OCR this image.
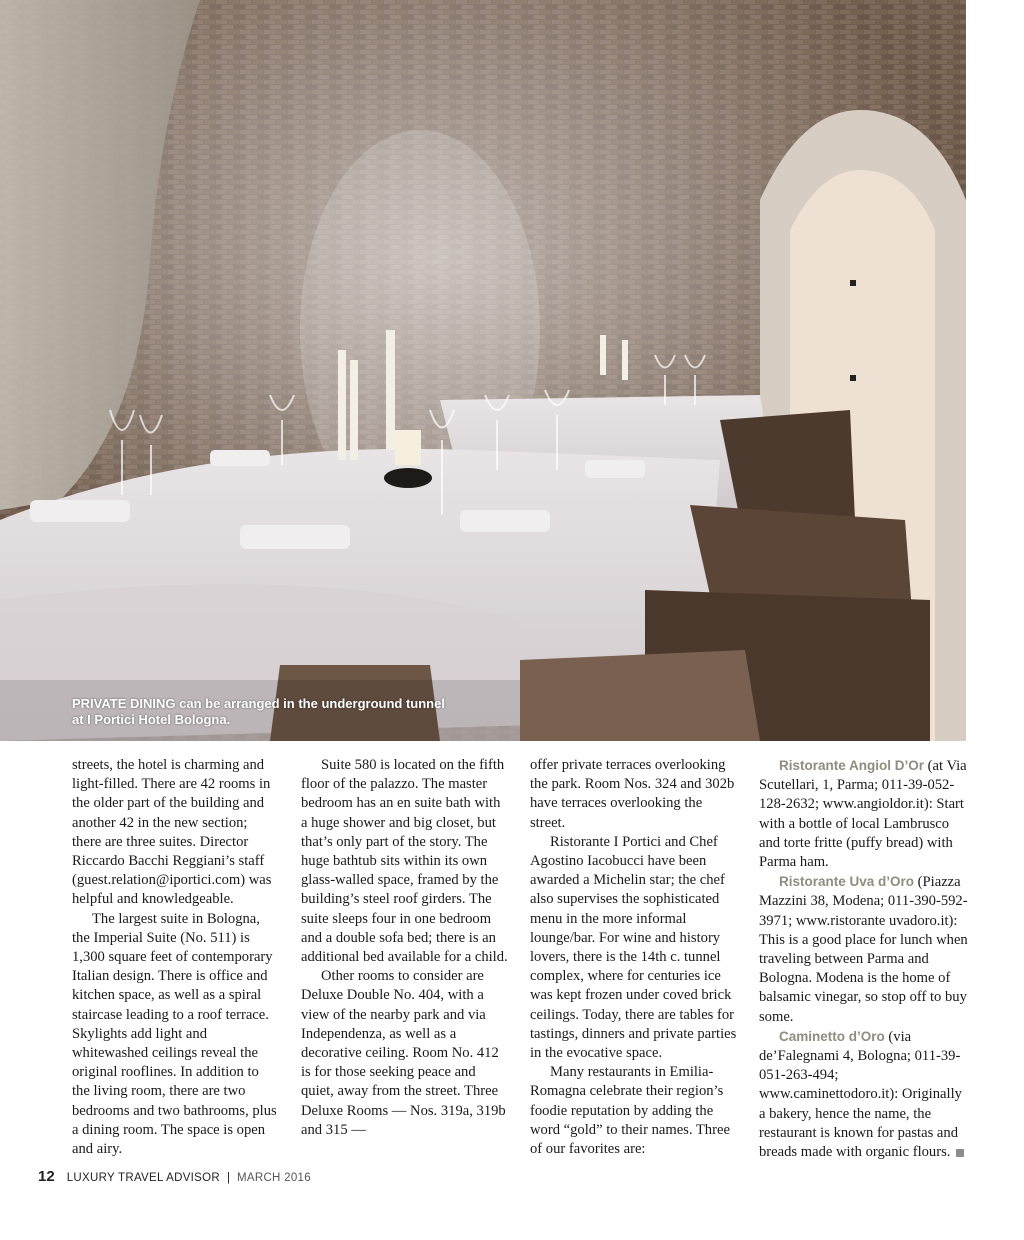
PRIVATE DINING can be arranged in the underground tunnel at I Portici Hotel Bologna.

streets, the hotel is charming and light-filled. There are 42 rooms in the older part of the building and another 42 in the new section; there are three suites. Director Riccardo Bacchi Reggiani’s staff (guest.relation@iportici.com) was helpful and knowledgeable.

The largest suite in Bologna, the Imperial Suite (No. 511) is 1,300 square feet of contemporary Italian design. There is office and kitchen space, as well as a spiral staircase leading to a roof terrace. Skylights add light and whitewashed ceilings reveal the original rooflines. In addition to the living room, there are two bedrooms and two bathrooms, plus a dining room. The space is open and airy.

Suite 580 is located on the fifth floor of the palazzo. The master bedroom has an en suite bath with a huge shower and big closet, but that’s only part of the story. The huge bathtub sits within its own glass-walled space, framed by the building’s steel roof girders. The suite sleeps four in one bedroom and a double sofa bed; there is an additional bed available for a child.

Other rooms to consider are Deluxe Double No. 404, with a view of the nearby park and via Independenza, as well as a decorative ceiling. Room No. 412 is for those seeking peace and quiet, away from the street. Three Deluxe Rooms — Nos. 319a, 319b and 315 —

offer private terraces overlooking the park. Room Nos. 324 and 302b have terraces overlooking the street.

Ristorante I Portici and Chef Agostino Iacobucci have been awarded a Michelin star; the chef also supervises the sophisticated menu in the more informal lounge/bar. For wine and history lovers, there is the 14th c. tunnel complex, where for centuries ice was kept frozen under coved brick ceilings. Today, there are tables for tastings, dinners and private parties in the evocative space.

Many restaurants in Emilia-Romagna celebrate their region’s foodie reputation by adding the word “gold” to their names. Three of our favorites are:

Ristorante Angiol D’Or (at Via Scutellari, 1, Parma; 011-39-052-128-2632; www.angioldor.it): Start with a bottle of local Lambrusco and torte fritte (puffy bread) with Parma ham.

Ristorante Uva d’Oro (Piazza Mazzini 38, Modena; 011-390-592-3971; www.ristorante uvadoro.it): This is a good place for lunch when traveling between Parma and Bologna. Modena is the home of balsamic vinegar, so stop off to buy some.

Caminetto d’Oro (via de’Falegnami 4, Bologna; 011-39-051-263-494; www.caminettodoro.it): Originally a bakery, hence the name, the restaurant is known for pastas and breads made with organic flours.

12 LUXURY TRAVEL ADVISOR | MARCH 2016
